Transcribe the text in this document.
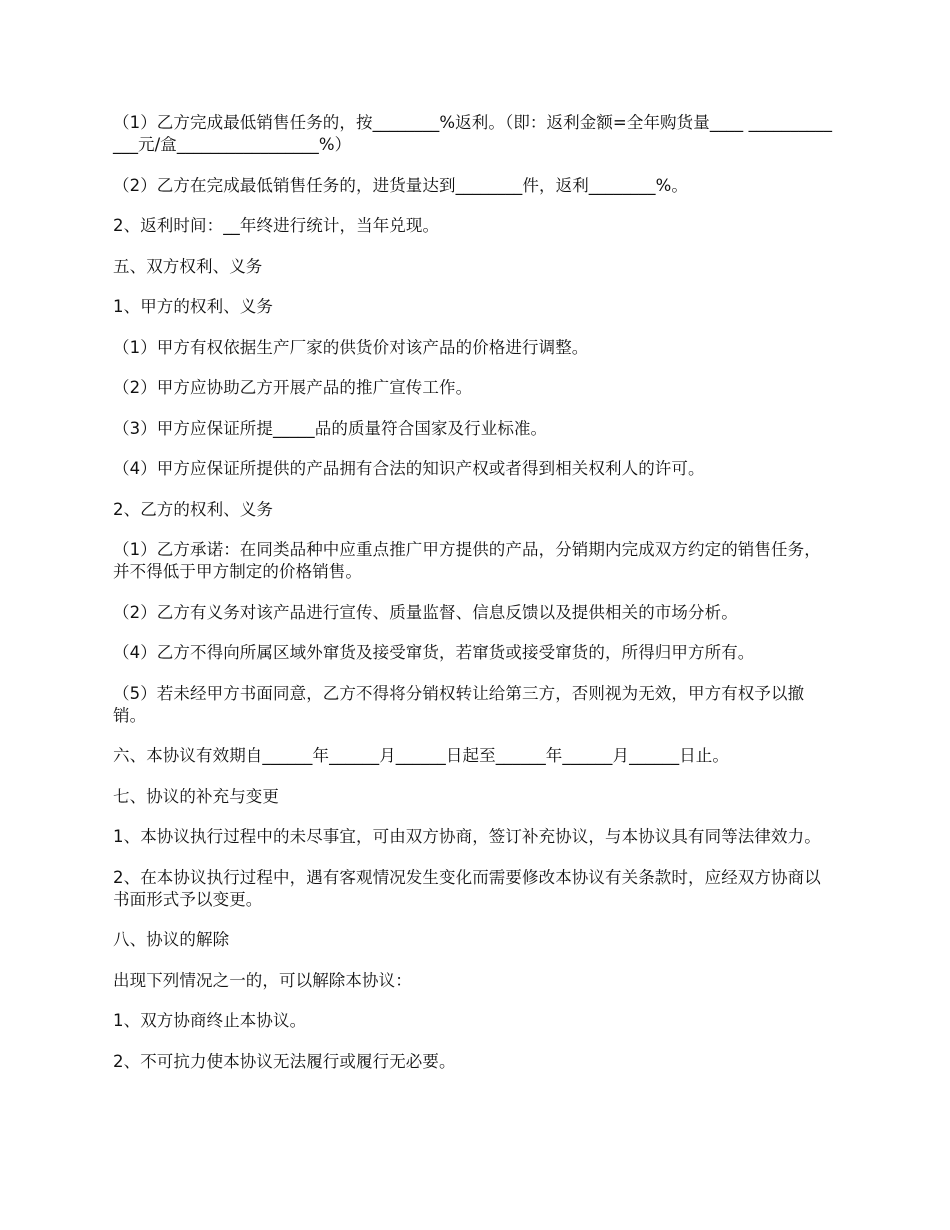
（1）乙方完成最低销售任务的，按________%返利。（即：返利金额=全年购货量____ _____________元/盒_________________%）

（2）乙方在完成最低销售任务的，进货量达到________件，返利________%。

2、返利时间：__年终进行统计，当年兑现。

五、双方权利、义务

1、甲方的权利、义务

（1）甲方有权依据生产厂家的供货价对该产品的价格进行调整。

（2）甲方应协助乙方开展产品的推广宣传工作。

（3）甲方应保证所提_____品的质量符合国家及行业标准。

（4）甲方应保证所提供的产品拥有合法的知识产权或者得到相关权利人的许可。

2、乙方的权利、义务

（1）乙方承诺：在同类品种中应重点推广甲方提供的产品，分销期内完成双方约定的销售任务，并不得低于甲方制定的价格销售。

（2）乙方有义务对该产品进行宣传、质量监督、信息反馈以及提供相关的市场分析。

（4）乙方不得向所属区域外窜货及接受窜货，若窜货或接受窜货的，所得归甲方所有。

（5）若未经甲方书面同意，乙方不得将分销权转让给第三方，否则视为无效，甲方有权予以撤销。

六、本协议有效期自______年______月______日起至______年______月______日止。

七、协议的补充与变更

1、本协议执行过程中的未尽事宜，可由双方协商，签订补充协议，与本协议具有同等法律效力。

2、在本协议执行过程中，遇有客观情况发生变化而需要修改本协议有关条款时，应经双方协商以书面形式予以变更。

八、协议的解除

出现下列情况之一的，可以解除本协议：

1、双方协商终止本协议。

2、不可抗力使本协议无法履行或履行无必要。
